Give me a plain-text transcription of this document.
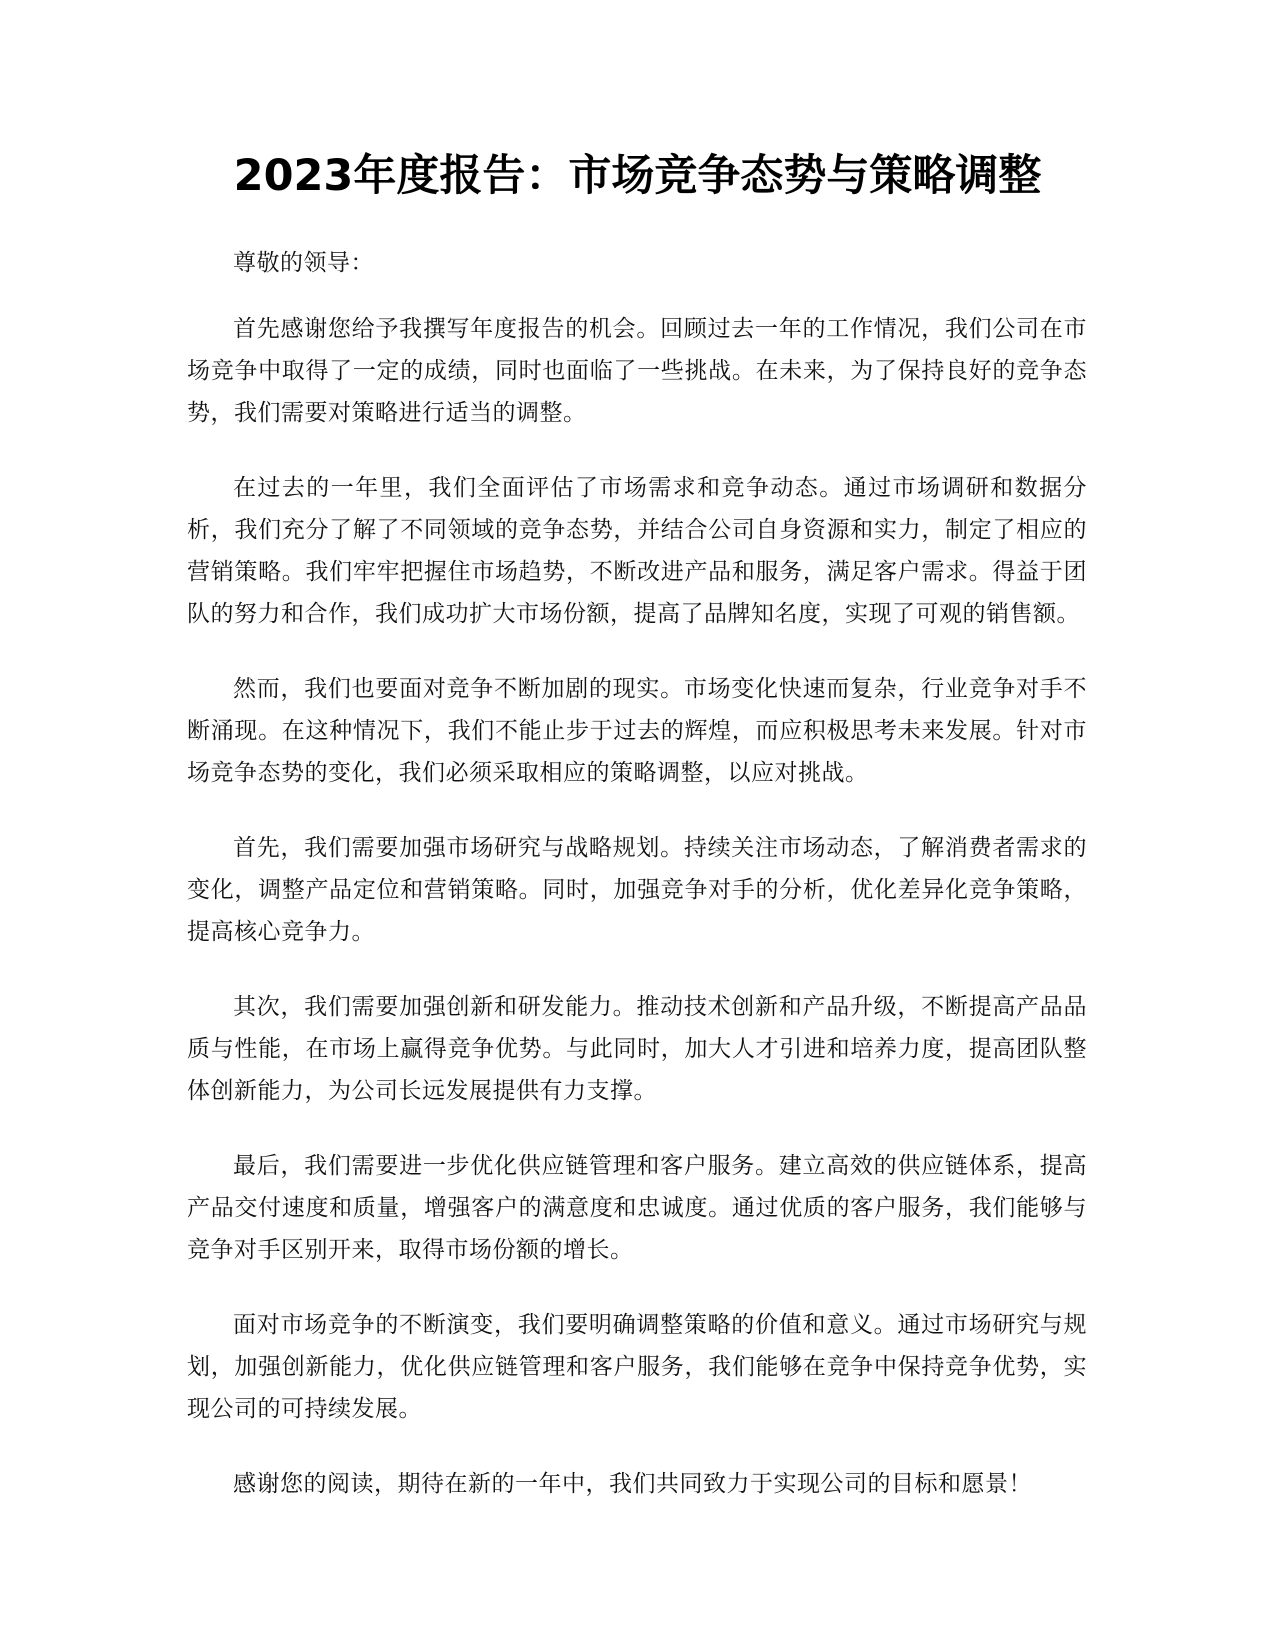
2023年度报告：市场竞争态势与策略调整

尊敬的领导：

首先感谢您给予我撰写年度报告的机会。回顾过去一年的工作情况，我们公司在市场竞争中取得了一定的成绩，同时也面临了一些挑战。在未来，为了保持良好的竞争态势，我们需要对策略进行适当的调整。

在过去的一年里，我们全面评估了市场需求和竞争动态。通过市场调研和数据分析，我们充分了解了不同领域的竞争态势，并结合公司自身资源和实力，制定了相应的营销策略。我们牢牢把握住市场趋势，不断改进产品和服务，满足客户需求。得益于团队的努力和合作，我们成功扩大市场份额，提高了品牌知名度，实现了可观的销售额。

然而，我们也要面对竞争不断加剧的现实。市场变化快速而复杂，行业竞争对手不断涌现。在这种情况下，我们不能止步于过去的辉煌，而应积极思考未来发展。针对市场竞争态势的变化，我们必须采取相应的策略调整，以应对挑战。

首先，我们需要加强市场研究与战略规划。持续关注市场动态，了解消费者需求的变化，调整产品定位和营销策略。同时，加强竞争对手的分析，优化差异化竞争策略，提高核心竞争力。

其次，我们需要加强创新和研发能力。推动技术创新和产品升级，不断提高产品品质与性能，在市场上赢得竞争优势。与此同时，加大人才引进和培养力度，提高团队整体创新能力，为公司长远发展提供有力支撑。

最后，我们需要进一步优化供应链管理和客户服务。建立高效的供应链体系，提高产品交付速度和质量，增强客户的满意度和忠诚度。通过优质的客户服务，我们能够与竞争对手区别开来，取得市场份额的增长。

面对市场竞争的不断演变，我们要明确调整策略的价值和意义。通过市场研究与规划，加强创新能力，优化供应链管理和客户服务，我们能够在竞争中保持竞争优势，实现公司的可持续发展。

感谢您的阅读，期待在新的一年中，我们共同致力于实现公司的目标和愿景！
